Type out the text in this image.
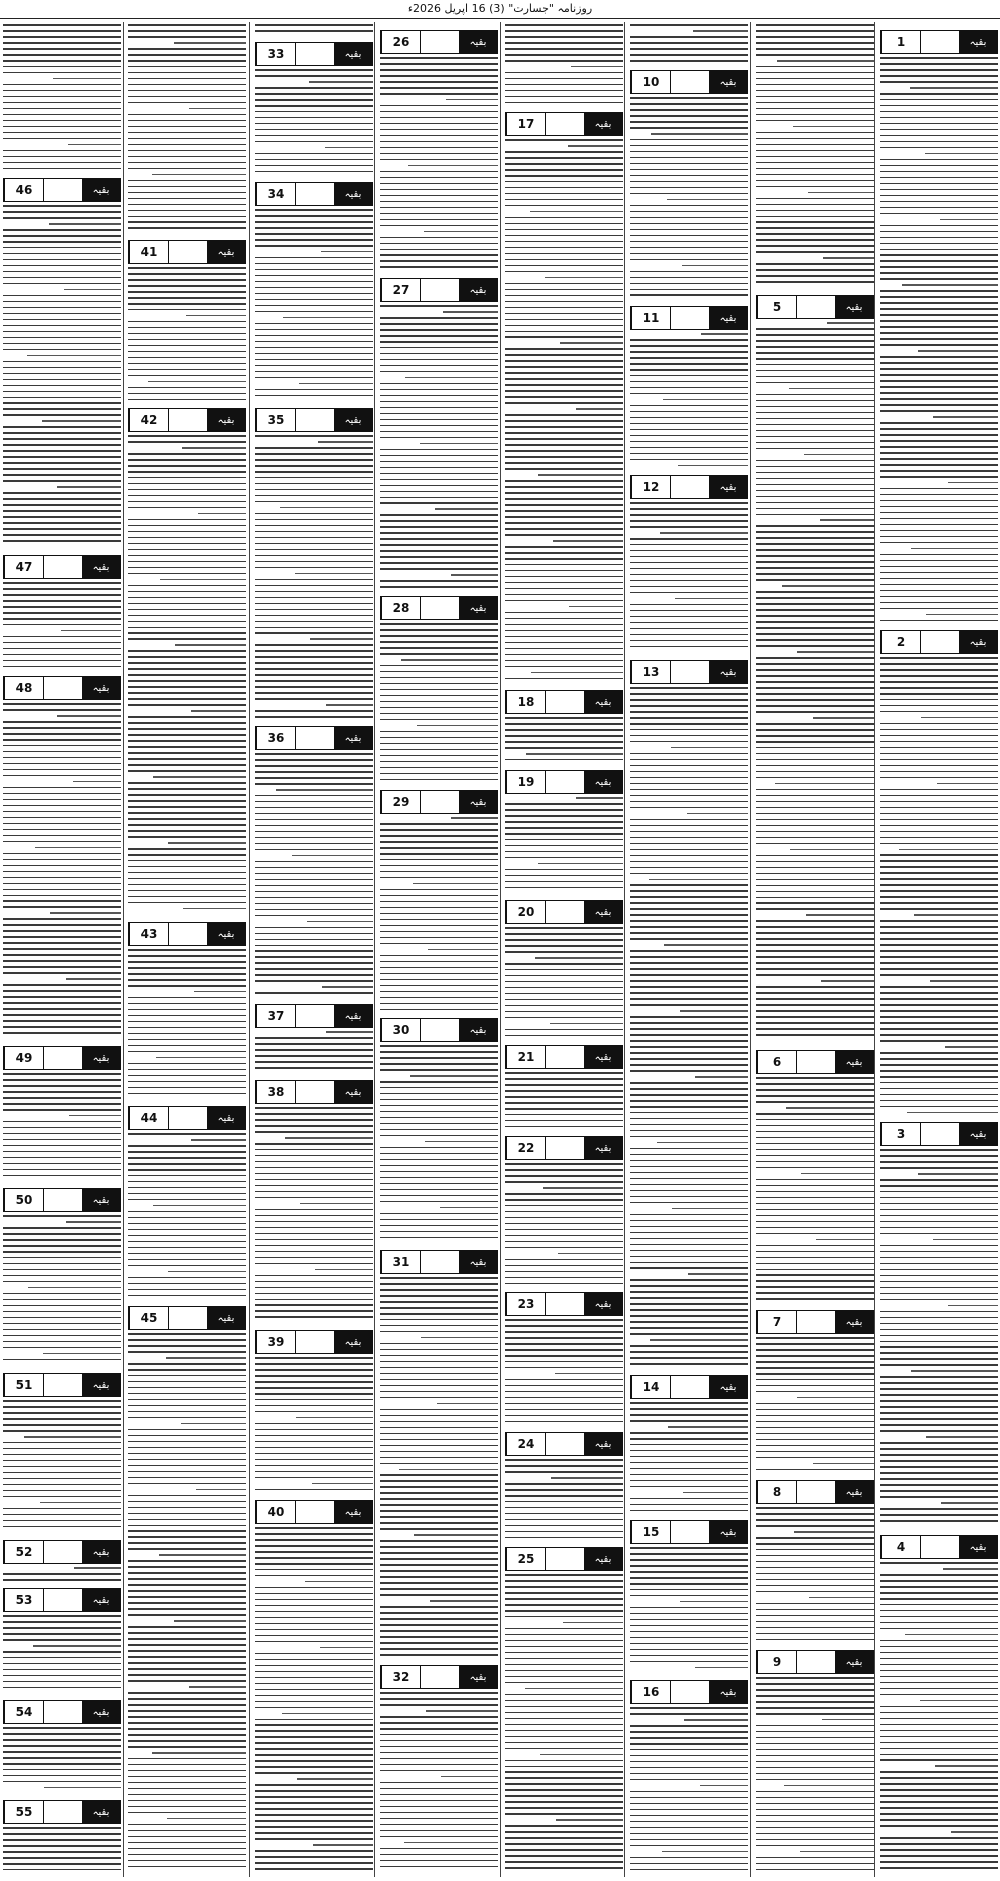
روزنامہ "جسارت" (3) 16 اپریل 2026ء
1	بقیہ
2	بقیہ
3	بقیہ
4	بقیہ
5	بقیہ
6	بقیہ
7	بقیہ
8	بقیہ
9	بقیہ
10	بقیہ
11	بقیہ
12	بقیہ
13	بقیہ
14	بقیہ
15	بقیہ
16	بقیہ
17	بقیہ
18	بقیہ
19	بقیہ
20	بقیہ
21	بقیہ
22	بقیہ
23	بقیہ
24	بقیہ
25	بقیہ
26	بقیہ
27	بقیہ
28	بقیہ
29	بقیہ
30	بقیہ
31	بقیہ
32	بقیہ
33	بقیہ
34	بقیہ
35	بقیہ
36	بقیہ
37	بقیہ
38	بقیہ
39	بقیہ
40	بقیہ
41	بقیہ
42	بقیہ
43	بقیہ
44	بقیہ
45	بقیہ
46	بقیہ
47	بقیہ
48	بقیہ
49	بقیہ
50	بقیہ
51	بقیہ
52	بقیہ
53	بقیہ
54	بقیہ
55	بقیہ
